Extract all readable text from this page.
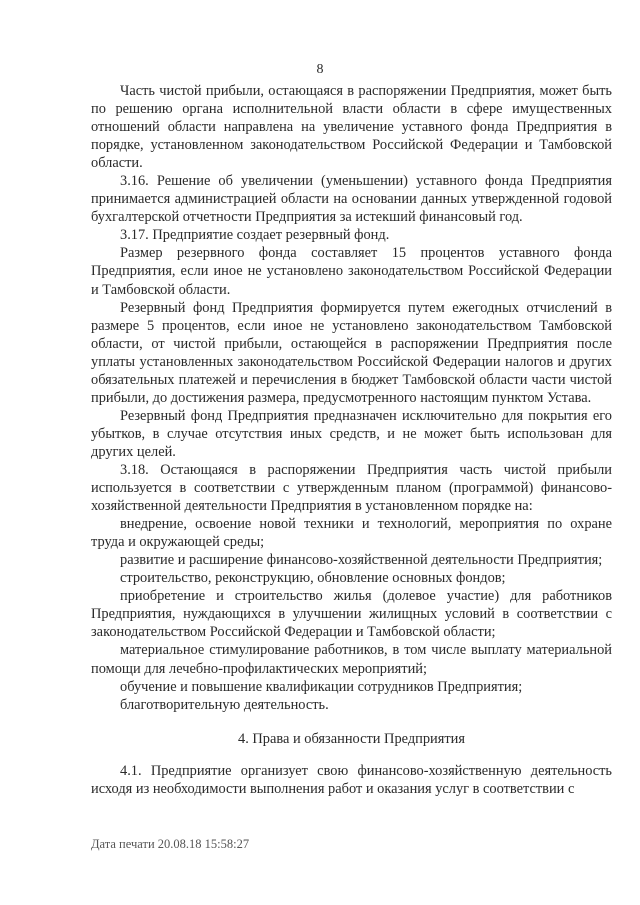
8

Часть чистой прибыли, остающаяся в распоряжении Предприятия, может быть по решению органа исполнительной власти области в сфере имущественных отношений области направлена на увеличение уставного фонда Предприятия в порядке, установленном законодательством Российской Федерации и Тамбовской области.

3.16. Решение об увеличении (уменьшении) уставного фонда Предприятия принимается администрацией области на основании данных утвержденной годовой бухгалтерской отчетности Предприятия за истекший финансовый год.

3.17. Предприятие создает резервный фонд.

Размер резервного фонда составляет 15 процентов уставного фонда Предприятия, если иное не установлено законодательством Российской Федерации и Тамбовской области.

Резервный фонд Предприятия формируется путем ежегодных отчислений в размере 5 процентов, если иное не установлено законодательством Тамбовской области, от чистой прибыли, остающейся в распоряжении Предприятия после уплаты установленных законодательством Российской Федерации налогов и других обязательных платежей и перечисления в бюджет Тамбовской области части чистой прибыли, до достижения размера, предусмотренного настоящим пунктом Устава.

Резервный фонд Предприятия предназначен исключительно для покрытия его убытков, в случае отсутствия иных средств, и не может быть использован для других целей.

3.18. Остающаяся в распоряжении Предприятия часть чистой прибыли используется в соответствии с утвержденным планом (программой) финансово-хозяйственной деятельности Предприятия в установленном порядке на:

внедрение, освоение новой техники и технологий, мероприятия по охране труда и окружающей среды;

развитие и расширение финансово-хозяйственной деятельности Предприятия;

строительство, реконструкцию, обновление основных фондов;

приобретение и строительство жилья (долевое участие) для работников Предприятия, нуждающихся в улучшении жилищных условий в соответствии с законодательством Российской Федерации и Тамбовской области;

материальное стимулирование работников, в том числе выплату материальной помощи для лечебно-профилактических мероприятий;

обучение и повышение квалификации сотрудников Предприятия;

благотворительную деятельность.

4. Права и обязанности Предприятия

4.1. Предприятие организует свою финансово-хозяйственную деятельность исходя из необходимости выполнения работ и оказания услуг в соответствии с

Дата печати 20.08.18 15:58:27
